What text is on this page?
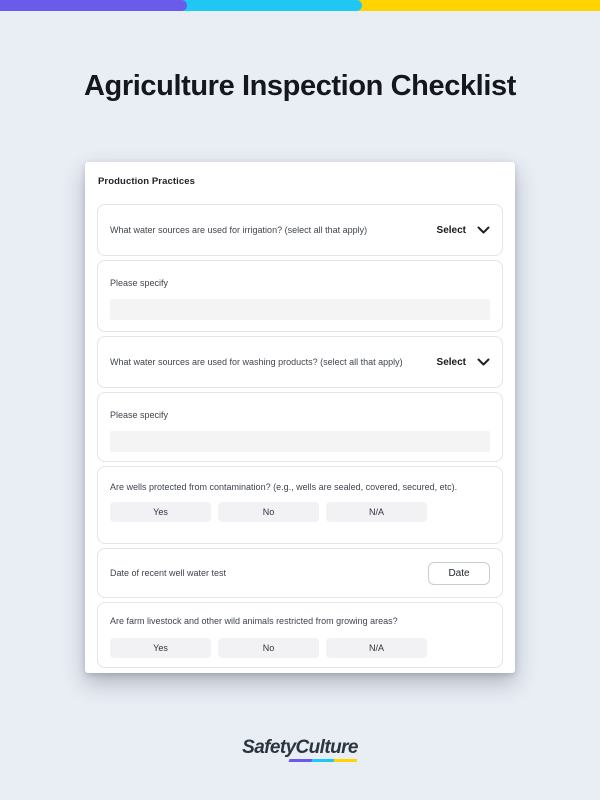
Agriculture Inspection Checklist
Production Practices
What water sources are used for irrigation? (select all that apply)	Select
Please specify
What water sources are used for washing products? (select all that apply)	Select
Please specify
Are wells protected from contamination? (e.g., wells are sealed, covered, secured, etc).
Yes	No	N/A
Date of recent well water test	Date
Are farm livestock and other wild animals restricted from growing areas?
Yes	No	N/A
SafetyCulture
